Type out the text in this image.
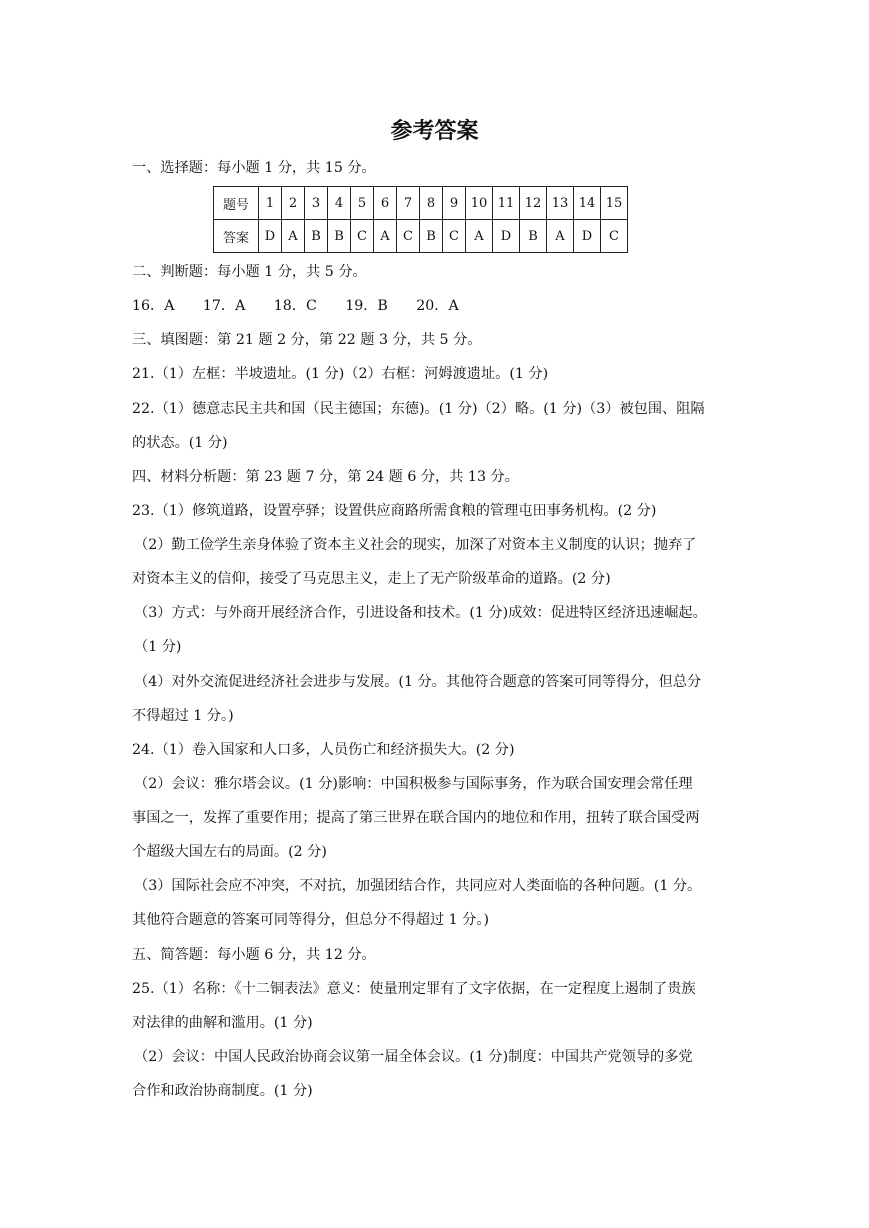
参考答案
一、选择题：每小题 1 分，共 15 分。
题号	1	2	3	4	5	6	7	8	9	10	11	12	13	14	15
答案	D	A	B	B	C	A	C	B	C	A	D	B	A	D	C
二、判断题：每小题 1 分，共 5 分。
16．A　　17．A　　18．C　　19．B　　20．A
三、填图题：第 21 题 2 分，第 22 题 3 分，共 5 分。
21.（1）左框：半坡遗址。(1 分)（2）右框：河姆渡遗址。(1 分)
22.（1）德意志民主共和国（民主德国；东德)。(1 分)（2）略。(1 分)（3）被包围、阻隔
的状态。(1 分)
四、材料分析题：第 23 题 7 分，第 24 题 6 分，共 13 分。
23.（1）修筑道路，设置亭驿；设置供应商路所需食粮的管理屯田事务机构。(2 分)
（2）勤工俭学生亲身体验了资本主义社会的现实，加深了对资本主义制度的认识；抛弃了
对资本主义的信仰，接受了马克思主义，走上了无产阶级革命的道路。(2 分)
（3）方式：与外商开展经济合作，引进设备和技术。(1 分)成效：促进特区经济迅速崛起。
（1 分)
（4）对外交流促进经济社会进步与发展。(1 分。其他符合题意的答案可同等得分，但总分
不得超过 1 分。)
24.（1）卷入国家和人口多，人员伤亡和经济损失大。(2 分)
（2）会议：雅尔塔会议。(1 分)影响：中国积极参与国际事务，作为联合国安理会常任理
事国之一，发挥了重要作用；提高了第三世界在联合国内的地位和作用，扭转了联合国受两
个超级大国左右的局面。(2 分)
（3）国际社会应不冲突，不对抗，加强团结合作，共同应对人类面临的各种问题。(1 分。
其他符合题意的答案可同等得分，但总分不得超过 1 分。)
五、简答题：每小题 6 分，共 12 分。
25.（1）名称：《十二铜表法》意义：使量刑定罪有了文字依据，在一定程度上遏制了贵族
对法律的曲解和滥用。(1 分)
（2）会议：中国人民政治协商会议第一届全体会议。(1 分)制度：中国共产党领导的多党
合作和政治协商制度。(1 分)
